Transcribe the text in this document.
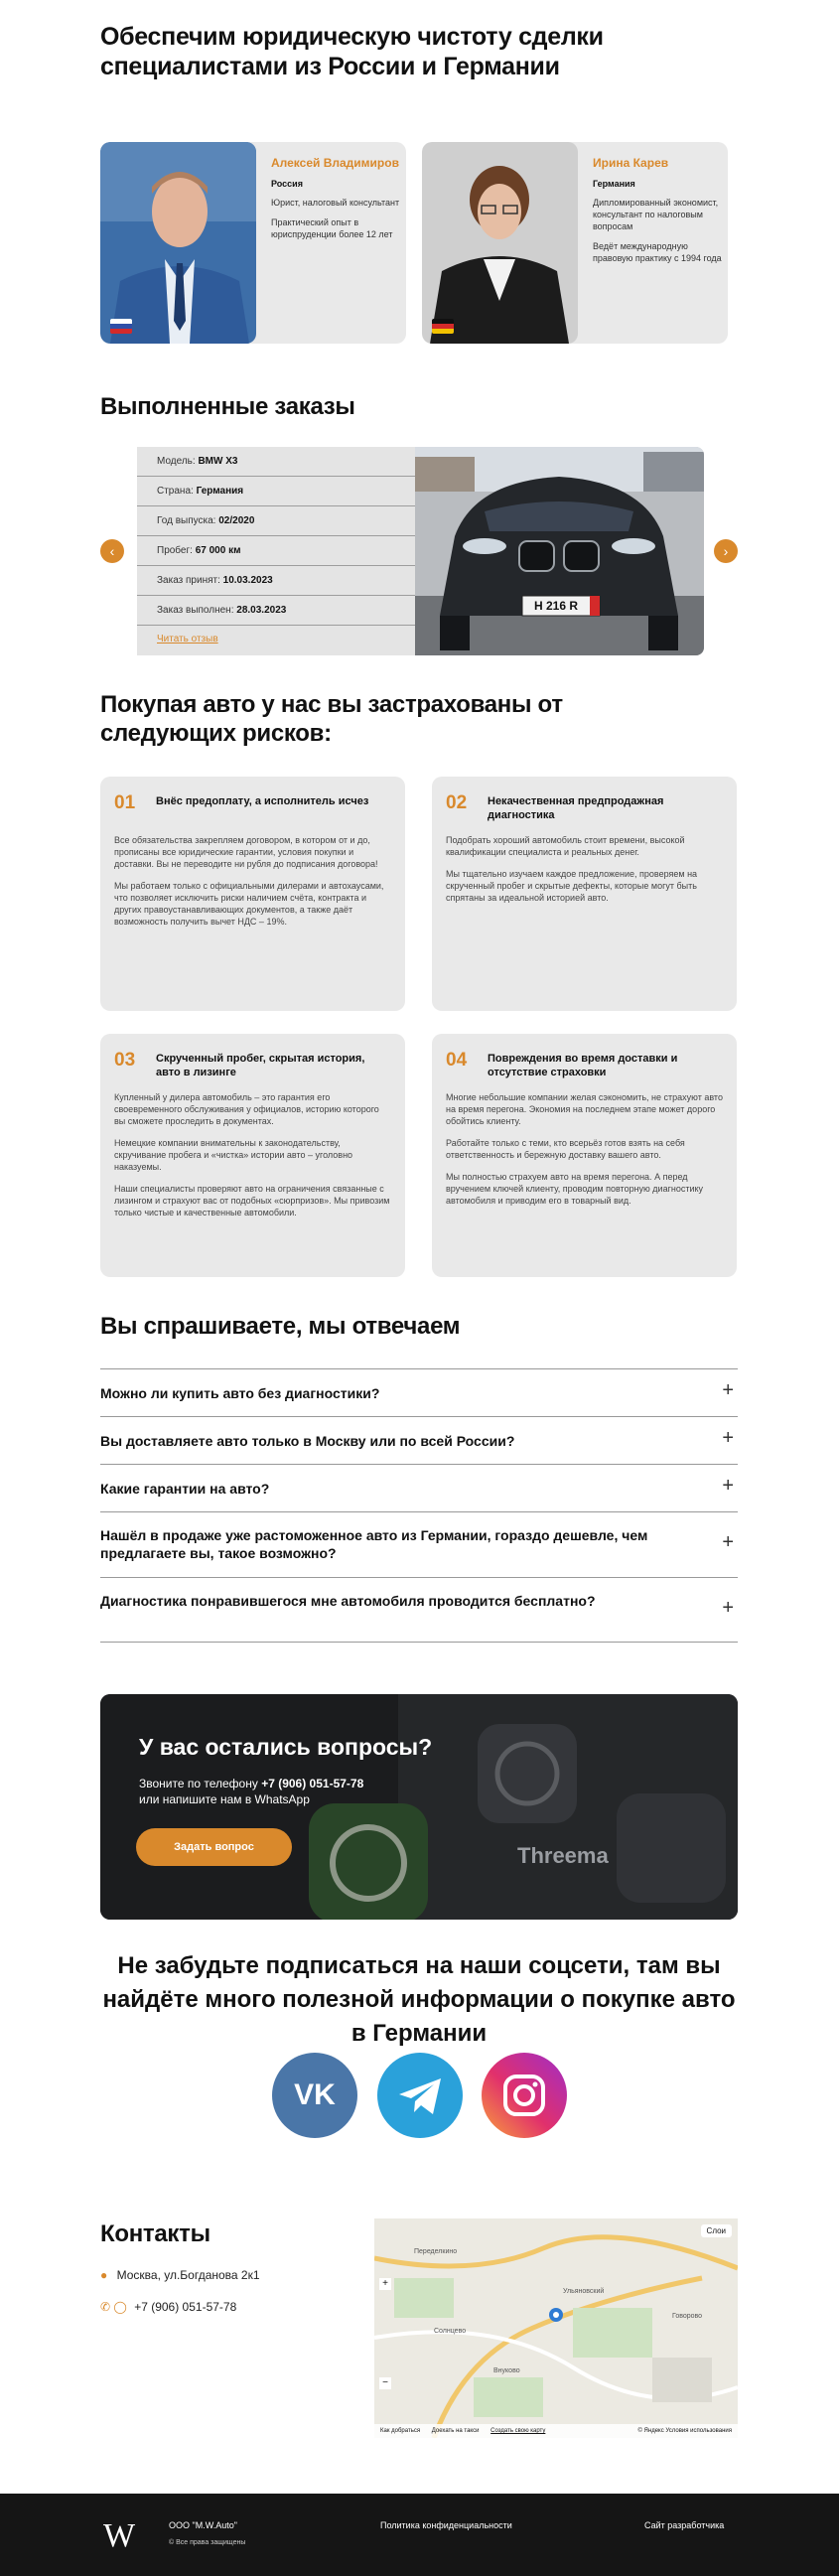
Обеспечим юридическую чистоту сделки специалистами из России и Германии
Алексей Владимиров
Россия
Юрист, налоговый консультант
Практический опыт в юриспруденции более 12 лет
Ирина Карев
Германия
Дипломированный экономист, консультант по налоговым вопросам
Ведёт международную правовую практику с 1994 года
Выполненные заказы
‹	›
Модель: BMW X3
Страна: Германия
Год выпуска: 02/2020
Пробег: 67 000 км
Заказ принят: 10.03.2023
Заказ выполнен: 28.03.2023
Читать отзыв
H 216 R
Покупая авто у нас вы застрахованы от следующих рисков:
01 Внёс предоплату, а исполнитель исчез
Все обязательства закрепляем договором, в котором от и до, прописаны все юридические гарантии, условия покупки и доставки. Вы не переводите ни рубля до подписания договора!
Мы работаем только с официальными дилерами и автохаусами, что позволяет исключить риски наличием счёта, контракта и других правоустанавливающих документов, а также даёт возможность получить вычет НДС – 19%.
02 Некачественная предпродажная диагностика
Подобрать хороший автомобиль стоит времени, высокой квалификации специалиста и реальных денег.
Мы тщательно изучаем каждое предложение, проверяем на скрученный пробег и скрытые дефекты, которые могут быть спрятаны за идеальной историей авто.
03 Скрученный пробег, скрытая история, авто в лизинге
Купленный у дилера автомобиль – это гарантия его своевременного обслуживания у официалов, историю которого вы сможете проследить в документах.
Немецкие компании внимательны к законодательству, скручивание пробега и «чистка» истории авто – уголовно наказуемы.
Наши специалисты проверяют авто на ограничения связанные с лизингом и страхуют вас от подобных «сюрпризов». Мы привозим только чистые и качественные автомобили.
04 Повреждения во время доставки и отсутствие страховки
Многие небольшие компании желая сэкономить, не страхуют авто на время перегона. Экономия на последнем этапе может дорого обойтись клиенту.
Работайте только с теми, кто всерьёз готов взять на себя ответственность и бережную доставку вашего авто.
Мы полностью страхуем авто на время перегона. А перед вручением ключей клиенту, проводим повторную диагностику автомобиля и приводим его в товарный вид.
Вы спрашиваете, мы отвечаем
Можно ли купить авто без диагностики?	+
Вы доставляете авто только в Москву или по всей России?	+
Какие гарантии на авто?	+
Нашёл в продаже уже растоможенное авто из Германии, гораздо дешевле, чем предлагаете вы, такое возможно?	+
Диагностика понравившегося мне автомобиля проводится бесплатно?	+
Threema
У вас остались вопросы?
Звоните по телефону +7 (906) 051-57-78
или напишите нам в WhatsApp
Задать вопрос
Не забудьте подписаться на наши соцсети, там вы найдёте много полезной информации о покупке авто в Германии
VK
Контакты
● Москва, ул.Богданова 2к1
✆ ◯ +7 (906) 051-57-78
Слои
+
−
Солнцево
Говорово
Ульяновский
Внуково
Переделкино
Как добраться Доехать на такси Создать свою карту	© Яндекс Условия использования
W	ООО "M.W.Auto"
© Все права защищены
Политика конфиденциальности	Сайт разработчика
